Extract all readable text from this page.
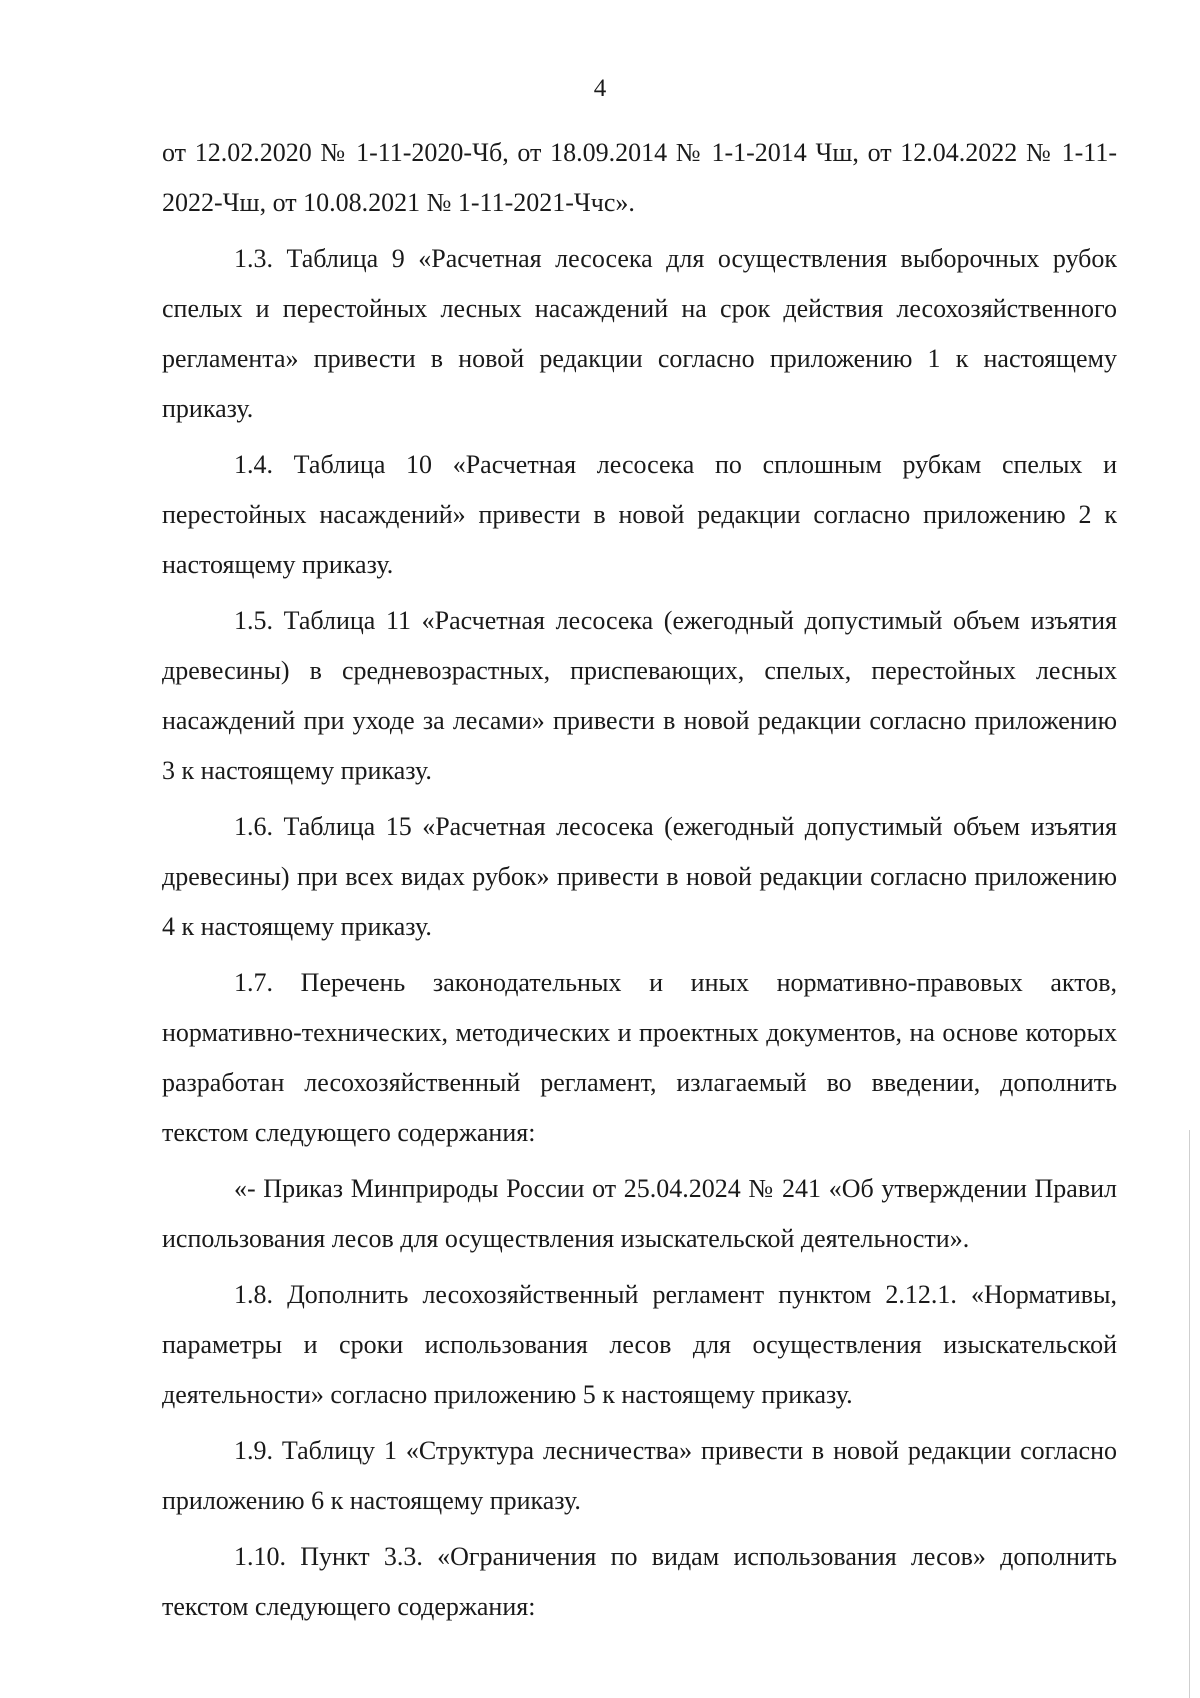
4

от 12.02.2020 № 1-11-2020-Чб, от 18.09.2014 № 1-1-2014 Чш, от 12.04.2022 № 1-11-2022-Чш, от 10.08.2021 № 1-11-2021-Ччс».

1.3. Таблица 9 «Расчетная лесосека для осуществления выборочных рубок спелых и перестойных лесных насаждений на срок действия лесохозяйственного регламента» привести в новой редакции согласно приложению 1 к настоящему приказу.

1.4. Таблица 10 «Расчетная лесосека по сплошным рубкам спелых и перестойных насаждений» привести в новой редакции согласно приложению 2 к настоящему приказу.

1.5. Таблица 11 «Расчетная лесосека (ежегодный допустимый объем изъятия древесины) в средневозрастных, приспевающих, спелых, перестойных лесных насаждений при уходе за лесами» привести в новой редакции согласно приложению 3 к настоящему приказу.

1.6. Таблица 15 «Расчетная лесосека (ежегодный допустимый объем изъятия древесины) при всех видах рубок» привести в новой редакции согласно приложению 4 к настоящему приказу.

1.7. Перечень законодательных и иных нормативно-правовых актов, нормативно-технических, методических и проектных документов, на основе которых разработан лесохозяйственный регламент, излагаемый во введении, дополнить текстом следующего содержания:

«- Приказ Минприроды России от 25.04.2024 № 241 «Об утверждении Правил использования лесов для осуществления изыскательской деятельности».

1.8. Дополнить лесохозяйственный регламент пунктом 2.12.1. «Нормативы, параметры и сроки использования лесов для осуществления изыскательской деятельности» согласно приложению 5 к настоящему приказу.

1.9. Таблицу 1 «Структура лесничества» привести в новой редакции согласно приложению 6 к настоящему приказу.

1.10. Пункт 3.3. «Ограничения по видам использования лесов» дополнить текстом следующего содержания:
